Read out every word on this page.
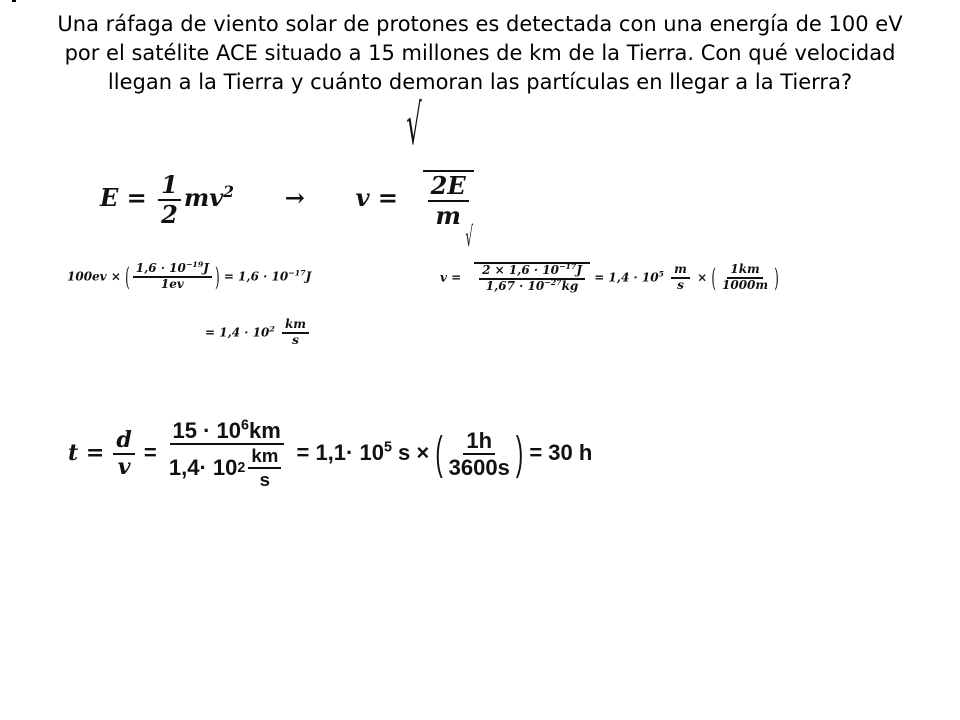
Una ráfaga de viento solar de protones es detectada con una energía de 100 eV por el satélite ACE situado a 15 millones de km de la Tierra. Con qué velocidad llegan a la Tierra y cuánto demoran las partículas en llegar a la Tierra?
$E = \frac{1}{2} mv^2 \to v$ =
√
$\frac{2E}{m}$
100ev × ( $\frac{1,6 \cdot 10^{-19}J}{1ev}$ ) = $1,6 \cdot 10^{-17}J$
= $1,4 \cdot 10^2 \frac{km}{s}$
v =
√
$\frac{2 \times 1,6 \cdot 10^{-17}J}{1,67 \cdot 10^{-27}kg} = 1,4 \cdot 10^5 \frac{m}{s}$ × ( $\frac{1km}{1000m}$ )
$t = \frac{d}{v} = \frac{15 \cdot 10^6km}{1,4\cdot 10 2 \frac{km}{s}} = 1,1\cdot 10^5$ s × ( $\frac{1h}{3600s}$ ) = 30 h
